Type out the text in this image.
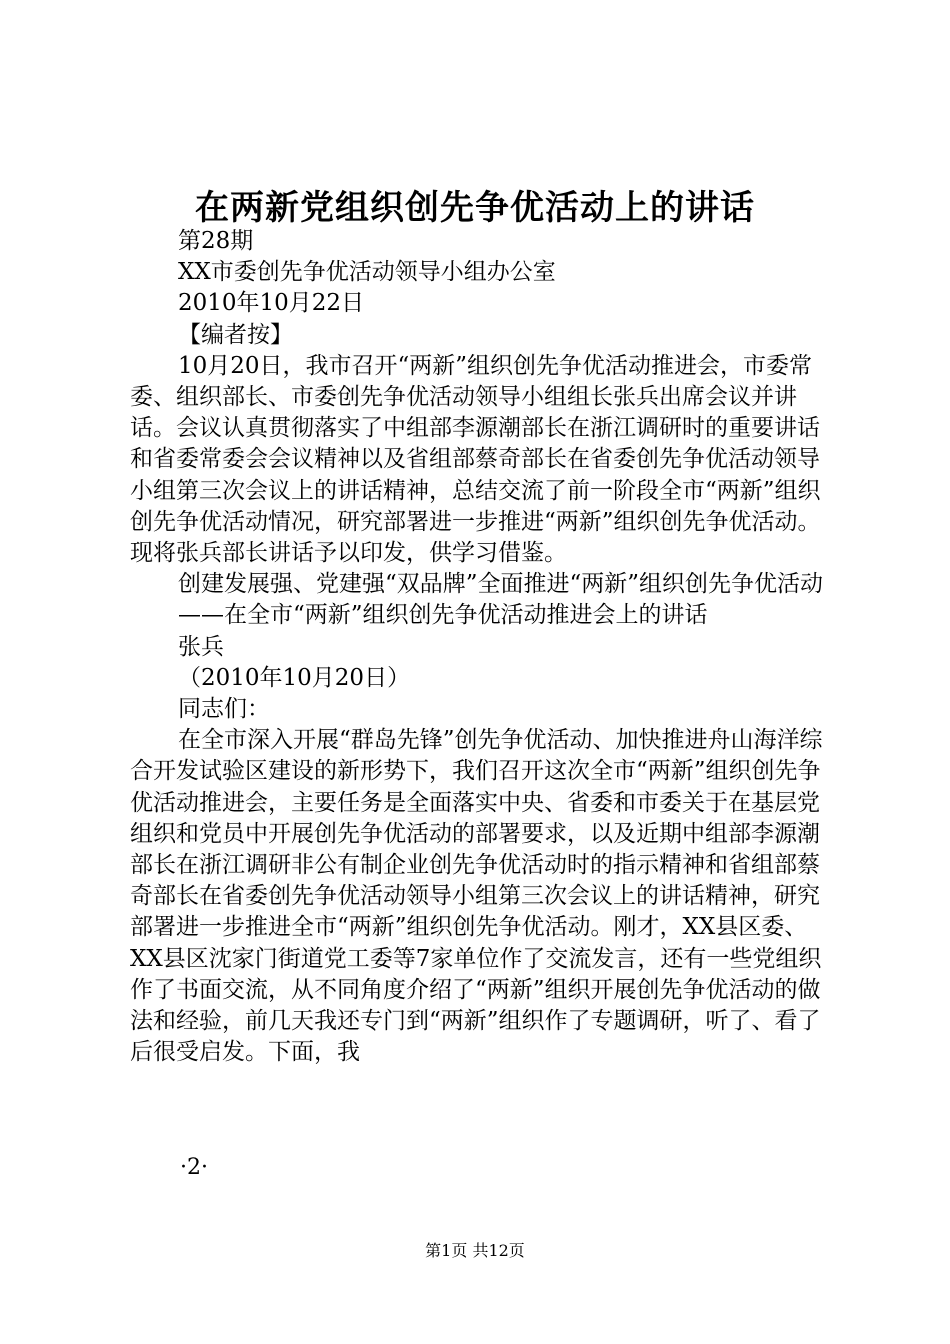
在两新党组织创先争优活动上的讲话

第28期

XX市委创先争优活动领导小组办公室

2010年10月22日

【编者按】

10月20日，我市召开“两新”组织创先争优活动推进会，市委常委、组织部长、市委创先争优活动领导小组组长张兵出席会议并讲话。会议认真贯彻落实了中组部李源潮部长在浙江调研时的重要讲话和省委常委会会议精神以及省组部蔡奇部长在省委创先争优活动领导小组第三次会议上的讲话精神，总结交流了前一阶段全市“两新”组织创先争优活动情况，研究部署进一步推进“两新”组织创先争优活动。现将张兵部长讲话予以印发，供学习借鉴。

创建发展强、党建强“双品牌”全面推进“两新”组织创先争优活动

——在全市“两新”组织创先争优活动推进会上的讲话

张兵

（2010年10月20日）

同志们：

在全市深入开展“群岛先锋”创先争优活动、加快推进舟山海洋综合开发试验区建设的新形势下，我们召开这次全市“两新”组织创先争优活动推进会，主要任务是全面落实中央、省委和市委关于在基层党组织和党员中开展创先争优活动的部署要求，以及近期中组部李源潮部长在浙江调研非公有制企业创先争优活动时的指示精神和省组部蔡奇部长在省委创先争优活动领导小组第三次会议上的讲话精神，研究部署进一步推进全市“两新”组织创先争优活动。刚才，XX县区委、XX县区沈家门街道党工委等7家单位作了交流发言，还有一些党组织作了书面交流，从不同角度介绍了“两新”组织开展创先争优活动的做法和经验，前几天我还专门到“两新”组织作了专题调研，听了、看了后很受启发。下面，我

·2·
第1页 共12页
